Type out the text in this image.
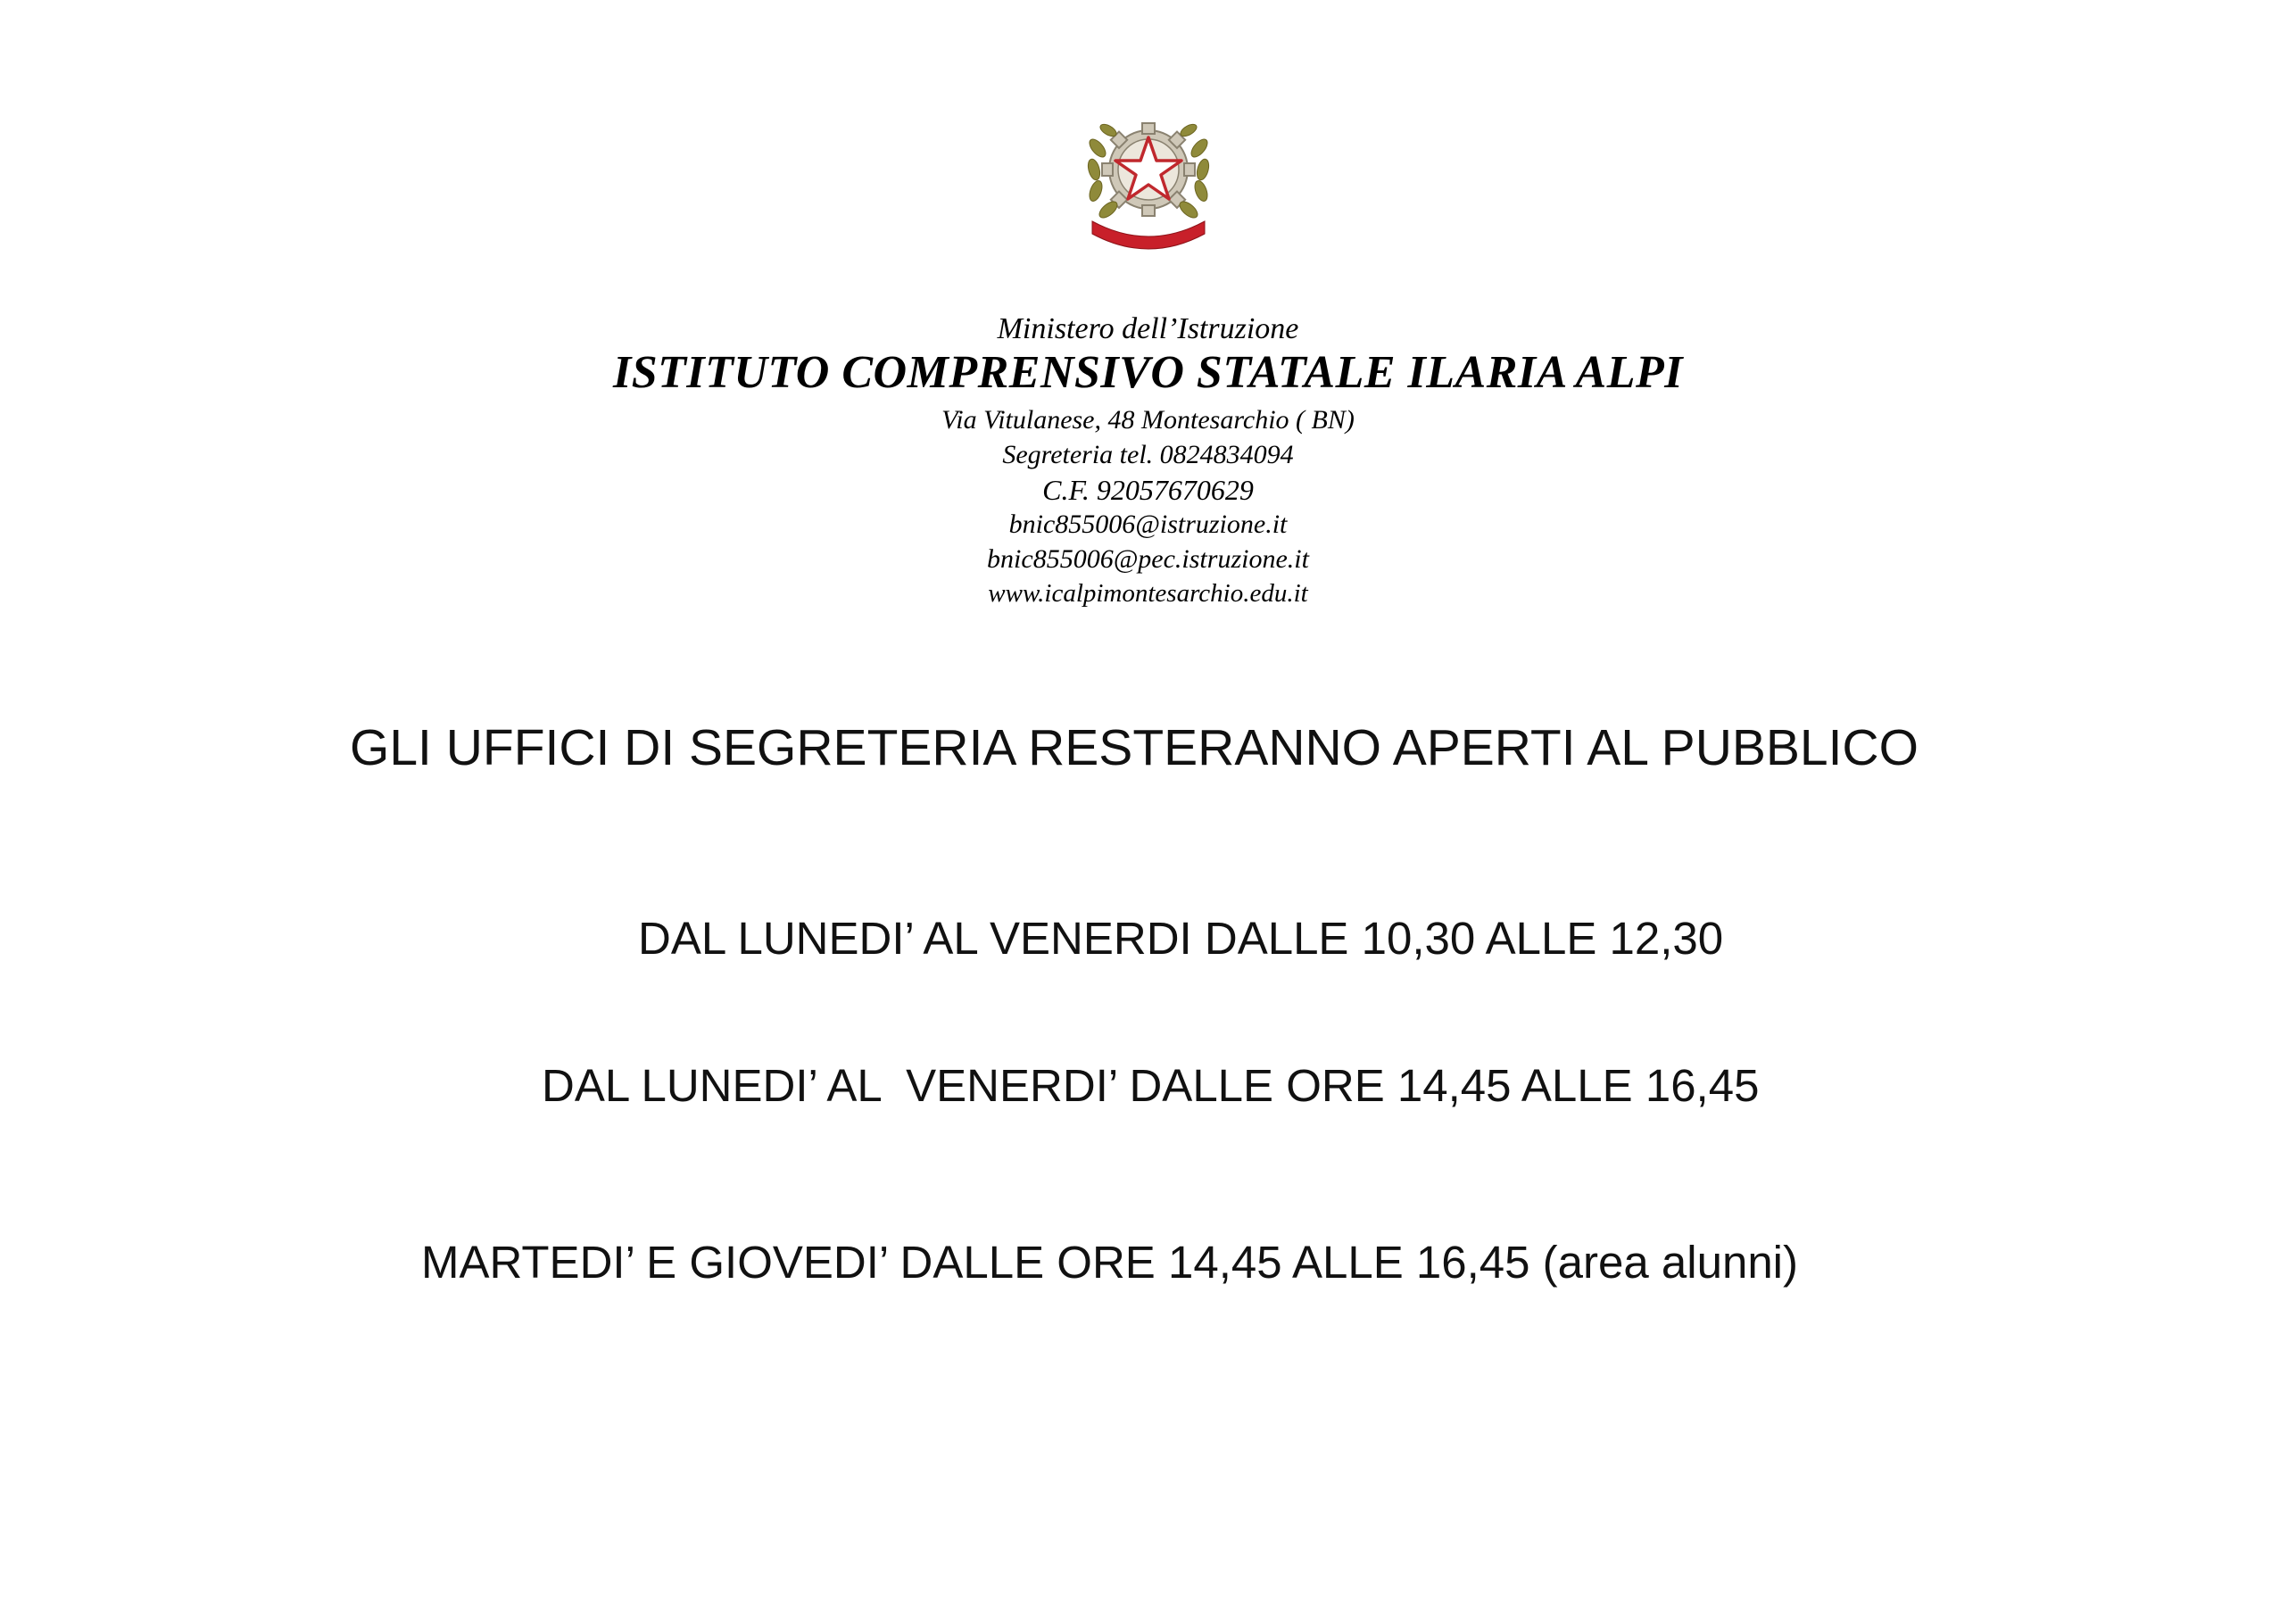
Ministero dell’Istruzione
ISTITUTO COMPRENSIVO STATALE ILARIA ALPI
Via Vitulanese, 48 Montesarchio ( BN)
Segreteria tel. 0824834094
C.F. 92057670629
bnic855006@istruzione.it
bnic855006@pec.istruzione.it
www.icalpimontesarchio.edu.it
GLI UFFICI DI SEGRETERIA RESTERANNO APERTI AL PUBBLICO
DAL LUNEDI’ AL VENERDI DALLE 10,30 ALLE 12,30
DAL LUNEDI’ AL  VENERDI’ DALLE ORE 14,45 ALLE 16,45
MARTEDI’ E GIOVEDI’ DALLE ORE 14,45 ALLE 16,45 (area alunni)
